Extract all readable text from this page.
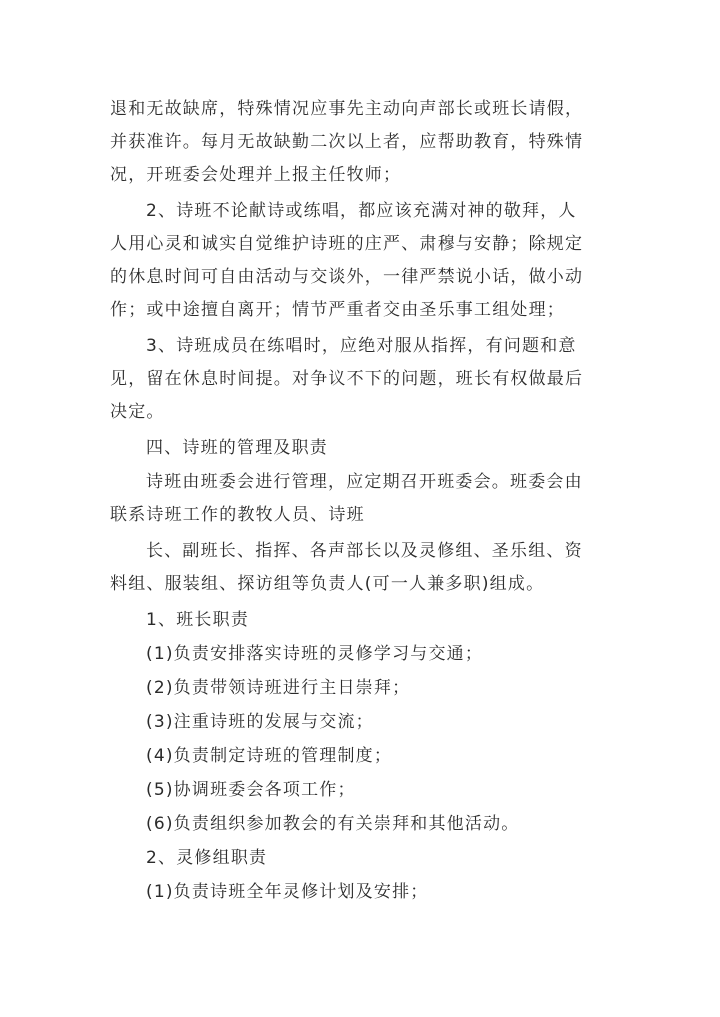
退和无故缺席，特殊情况应事先主动向声部长或班长请假，
并获准许。每月无故缺勤二次以上者，应帮助教育，特殊情
况，开班委会处理并上报主任牧师；
2、诗班不论献诗或练唱，都应该充满对神的敬拜，人
人用心灵和诚实自觉维护诗班的庄严、肃穆与安静；除规定
的休息时间可自由活动与交谈外，一律严禁说小话，做小动
作；或中途擅自离开；情节严重者交由圣乐事工组处理；
3、诗班成员在练唱时，应绝对服从指挥，有问题和意
见，留在休息时间提。对争议不下的问题，班长有权做最后
决定。
四、诗班的管理及职责
诗班由班委会进行管理，应定期召开班委会。班委会由
联系诗班工作的教牧人员、诗班
长、副班长、指挥、各声部长以及灵修组、圣乐组、资
料组、服装组、探访组等负责人(可一人兼多职)组成。
1、班长职责
(1)负责安排落实诗班的灵修学习与交通；
(2)负责带领诗班进行主日崇拜；
(3)注重诗班的发展与交流；
(4)负责制定诗班的管理制度；
(5)协调班委会各项工作；
(6)负责组织参加教会的有关崇拜和其他活动。
2、灵修组职责
(1)负责诗班全年灵修计划及安排；
